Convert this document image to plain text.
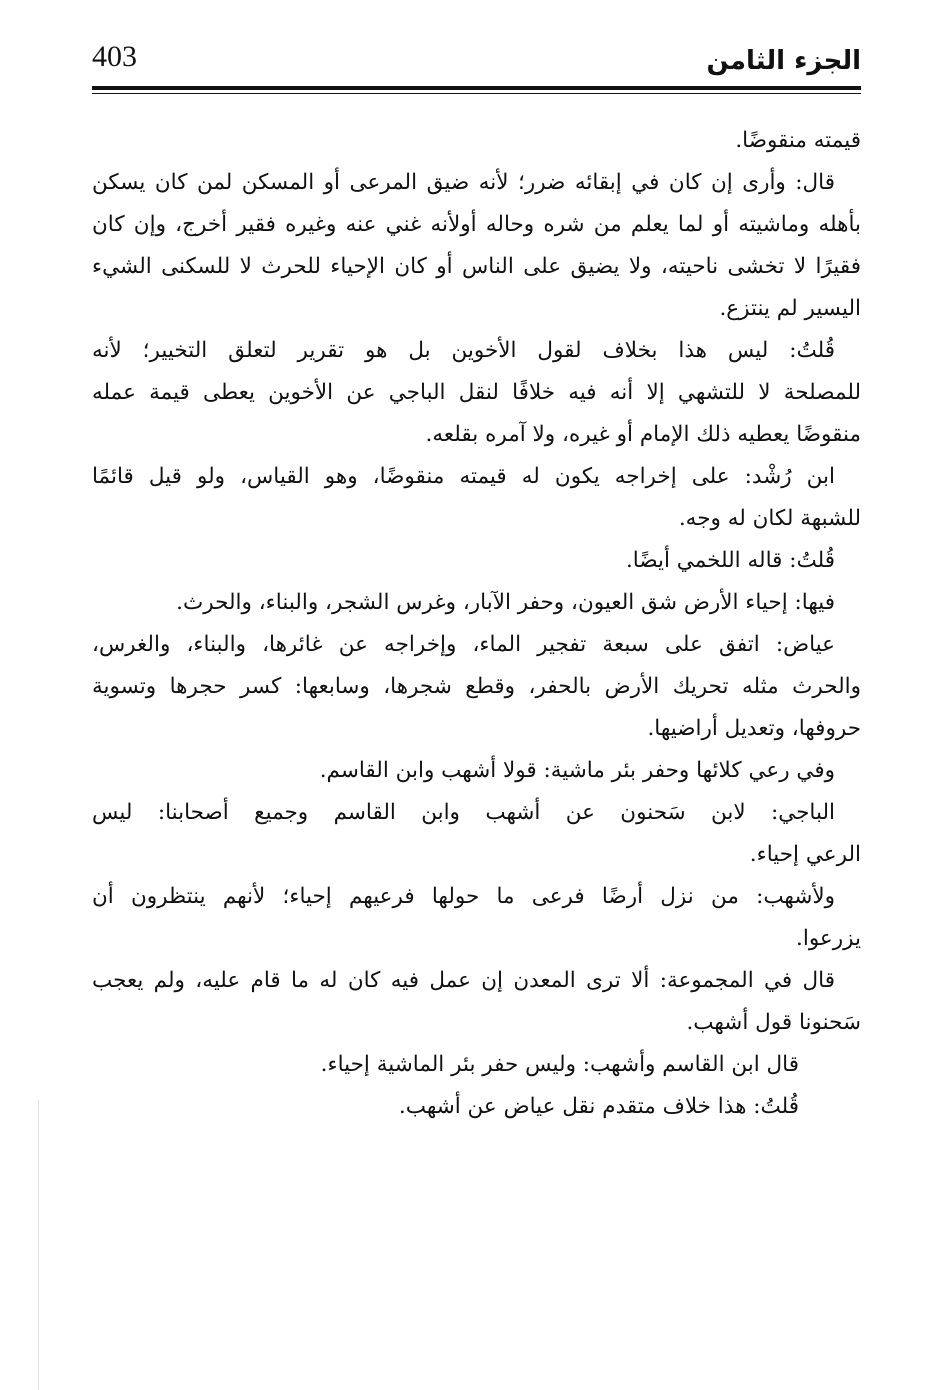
403	الجزء الثامن
قيمته منقوضًا.
قال: وأرى إن كان في إبقائه ضرر؛ لأنه ضيق المرعى أو المسكن لمن كان يسكن
بأهله وماشيته أو لما يعلم من شره وحاله أولأنه غني عنه وغيره فقير أخرج، وإن كان
فقيرًا لا تخشى ناحيته، ولا يضيق على الناس أو كان الإحياء للحرث لا للسكنى الشيء
اليسير لم ينتزع.
قُلتُ: ليس هذا بخلاف لقول الأخوين بل هو تقرير لتعلق التخيير؛ لأنه
للمصلحة لا للتشهي إلا أنه فيه خلافًا لنقل الباجي عن الأخوين يعطى قيمة عمله
منقوضًا يعطيه ذلك الإمام أو غيره، ولا آمره بقلعه.
ابن رُشْد: على إخراجه يكون له قيمته منقوضًا، وهو القياس، ولو قيل قائمًا
للشبهة لكان له وجه.
قُلتُ: قاله اللخمي أيضًا.
فيها: إحياء الأرض شق العيون، وحفر الآبار، وغرس الشجر، والبناء، والحرث.
عياض: اتفق على سبعة تفجير الماء، وإخراجه عن غائرها، والبناء، والغرس،
والحرث مثله تحريك الأرض بالحفر، وقطع شجرها، وسابعها: كسر حجرها وتسوية
حروفها، وتعديل أراضيها.
وفي رعي كلائها وحفر بئر ماشية: قولا أشهب وابن القاسم.
الباجي: لابن سَحنون عن أشهب وابن القاسم وجميع أصحابنا: ليس
الرعي إحياء.
ولأشهب: من نزل أرضًا فرعى ما حولها فرعيهم إحياء؛ لأنهم ينتظرون أن
يزرعوا.
قال في المجموعة: ألا ترى المعدن إن عمل فيه كان له ما قام عليه، ولم يعجب
سَحنونا قول أشهب.
قال ابن القاسم وأشهب: وليس حفر بئر الماشية إحياء.
قُلتُ: هذا خلاف متقدم نقل عياض عن أشهب.
